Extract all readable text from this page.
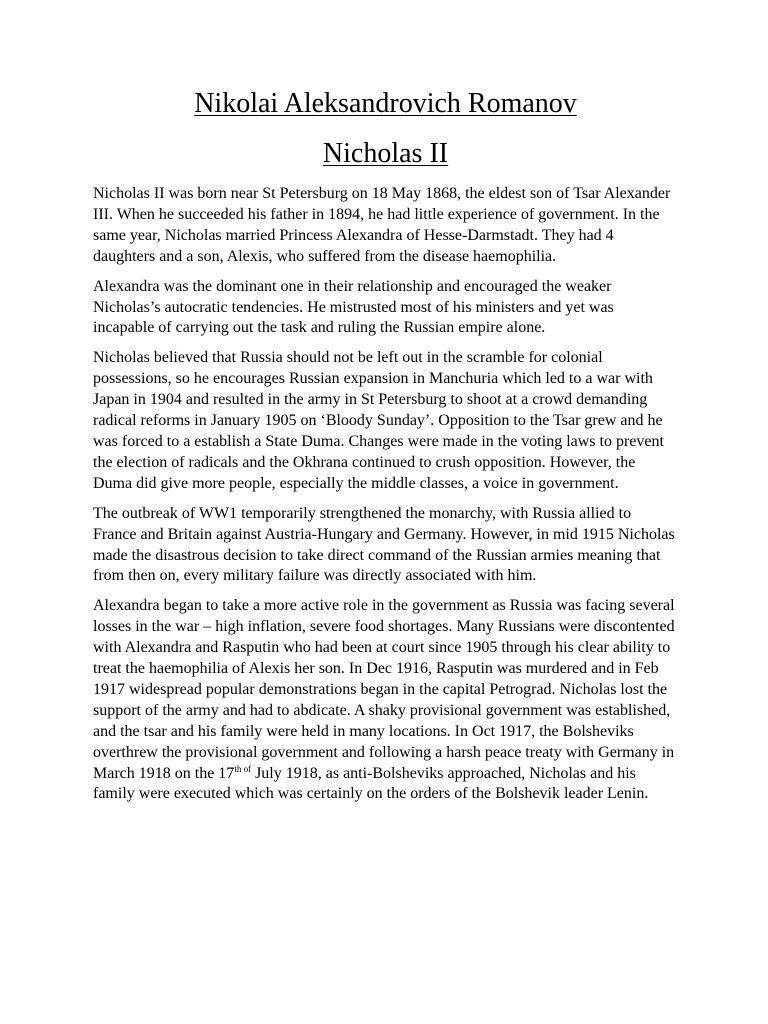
Nikolai Aleksandrovich Romanov
Nicholas II

Nicholas II was born near St Petersburg on 18 May 1868, the eldest son of Tsar Alexander III. When he succeeded his father in 1894, he had little experience of government. In the same year, Nicholas married Princess Alexandra of Hesse-Darmstadt. They had 4 daughters and a son, Alexis, who suffered from the disease haemophilia.

Alexandra was the dominant one in their relationship and encouraged the weaker Nicholas’s autocratic tendencies. He mistrusted most of his ministers and yet was incapable of carrying out the task and ruling the Russian empire alone.

Nicholas believed that Russia should not be left out in the scramble for colonial possessions, so he encourages Russian expansion in Manchuria which led to a war with Japan in 1904 and resulted in the army in St Petersburg to shoot at a crowd demanding radical reforms in January 1905 on ‘Bloody Sunday’. Opposition to the Tsar grew and he was forced to a establish a State Duma. Changes were made in the voting laws to prevent the election of radicals and the Okhrana continued to crush opposition. However, the Duma did give more people, especially the middle classes, a voice in government.

The outbreak of WW1 temporarily strengthened the monarchy, with Russia allied to France and Britain against Austria-Hungary and Germany. However, in mid 1915 Nicholas made the disastrous decision to take direct command of the Russian armies meaning that from then on, every military failure was directly associated with him.

Alexandra began to take a more active role in the government as Russia was facing several losses in the war – high inflation, severe food shortages. Many Russians were discontented with Alexandra and Rasputin who had been at court since 1905 through his clear ability to treat the haemophilia of Alexis her son. In Dec 1916, Rasputin was murdered and in Feb 1917 widespread popular demonstrations began in the capital Petrograd. Nicholas lost the support of the army and had to abdicate. A shaky provisional government was established, and the tsar and his family were held in many locations. In Oct 1917, the Bolsheviks overthrew the provisional government and following a harsh peace treaty with Germany in March 1918 on the $17^{th of}$ July 1918, as anti-Bolsheviks approached, Nicholas and his family were executed which was certainly on the orders of the Bolshevik leader Lenin.
